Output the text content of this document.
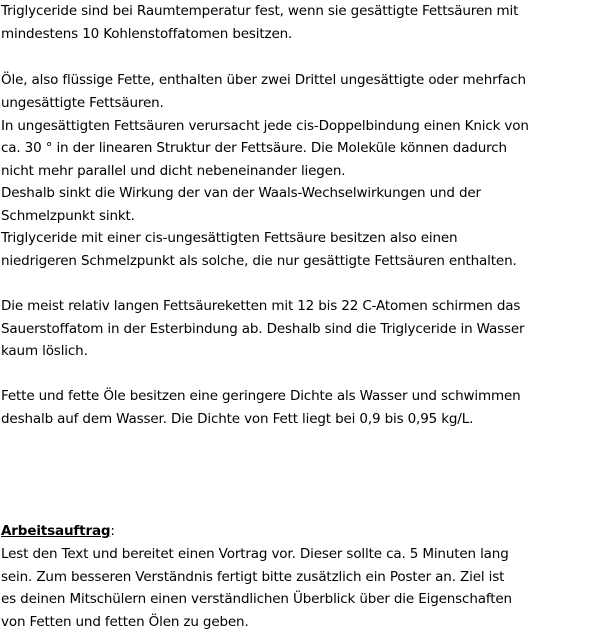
Triglyceride sind bei Raumtemperatur fest, wenn sie gesättigte Fettsäuren mit
mindestens 10 Kohlenstoffatomen besitzen.
Öle, also flüssige Fette, enthalten über zwei Drittel ungesättigte oder mehrfach
ungesättigte Fettsäuren.
In ungesättigten Fettsäuren verursacht jede cis-Doppelbindung einen Knick von
ca. 30 ° in der linearen Struktur der Fettsäure. Die Moleküle können dadurch
nicht mehr parallel und dicht nebeneinander liegen.
Deshalb sinkt die Wirkung der van der Waals-Wechselwirkungen und der
Schmelzpunkt sinkt.
Triglyceride mit einer cis-ungesättigten Fettsäure besitzen also einen
niedrigeren Schmelzpunkt als solche, die nur gesättigte Fettsäuren enthalten.
Die meist relativ langen Fettsäureketten mit 12 bis 22 C-Atomen schirmen das
Sauerstoffatom in der Esterbindung ab. Deshalb sind die Triglyceride in Wasser
kaum löslich.
Fette und fette Öle besitzen eine geringere Dichte als Wasser und schwimmen
deshalb auf dem Wasser. Die Dichte von Fett liegt bei 0,9 bis 0,95 kg/L.
Arbeitsauftrag:
Lest den Text und bereitet einen Vortrag vor. Dieser sollte ca. 5 Minuten lang
sein. Zum besseren Verständnis fertigt bitte zusätzlich ein Poster an. Ziel ist
es deinen Mitschülern einen verständlichen Überblick über die Eigenschaften
von Fetten und fetten Ölen zu geben.
